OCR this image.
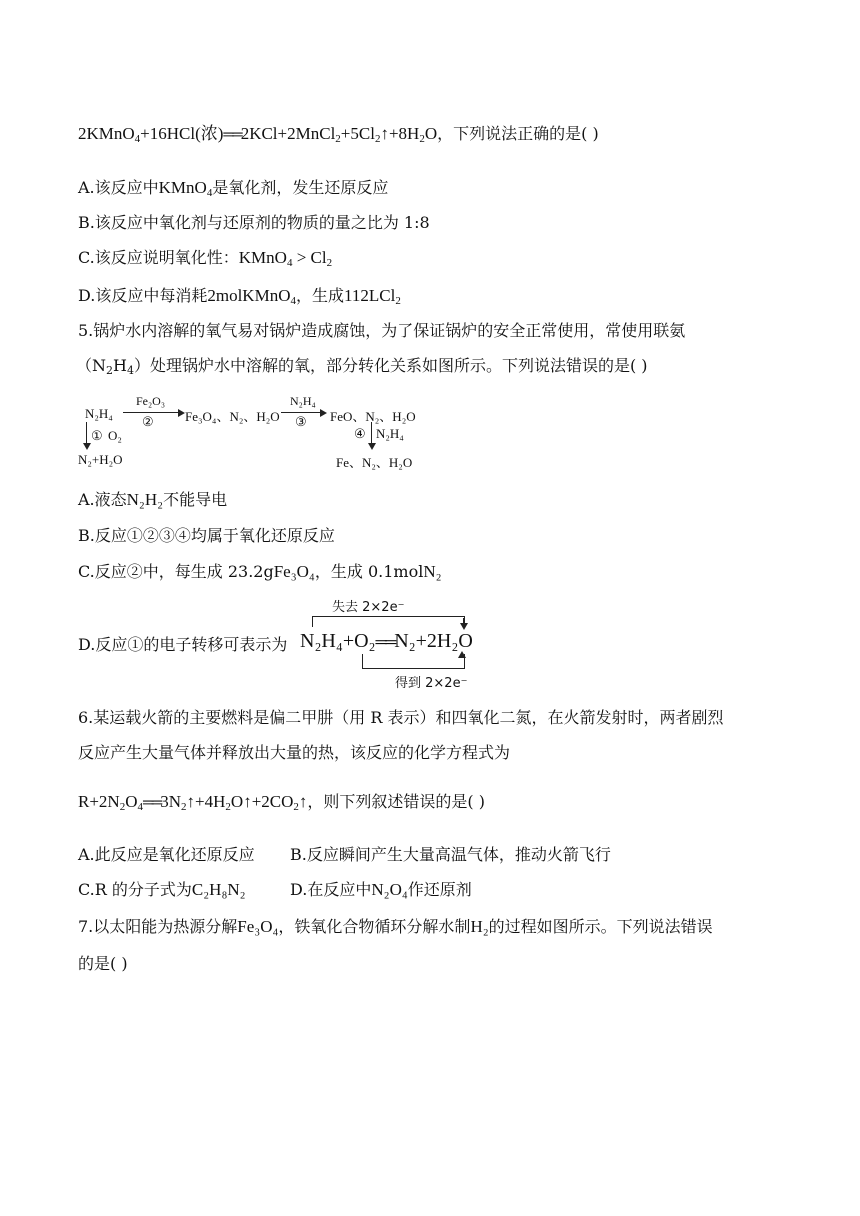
2KMnO$_4$+16HCl(浓)$══2KCl+2MnCl_2+5Cl_2↑+8H_2O$，下列说法正确的是( )
A.该反应中KMnO$_4$是氧化剂，发生还原反应
B.该反应中氧化剂与还原剂的物质的量之比为 1:8
C.该反应说明氧化性：KMnO$_4$ > $Cl_2$
D.该反应中每消耗2molKMnO$_4$，生成112LCl$_2$
5.锅炉水内溶解的氧气易对锅炉造成腐蚀，为了保证锅炉的安全正常使用，常使用联氨
$(N_2H_4)$处理锅炉水中溶解的氧，部分转化关系如图所示。下列说法错误的是( )
N₂H₄
Fe₂O₃
② Fe₃O₄、N₂、H₂O
N₂H₄
③ FeO、N₂、H₂O
① O₂
N₂+H₂O
④ N₂H₄
Fe、N₂、H₂O
A.液态N₂H₂不能导电
B.反应①②③④均属于氧化还原反应
C.反应②中，每生成 23.2gFe₃O₄，生成 0.1molN₂
D.反应①的电子转移可表示为
失去 2×2e⁻
N₂H₄+O₂══N₂+2H₂O
得到 2×2e⁻
6.某运载火箭的主要燃料是偏二甲肼（用 R 表示）和四氧化二氮，在火箭发射时，两者剧烈
反应产生大量气体并释放出大量的热，该反应的化学方程式为
$R+2N_2O_4══3N_2↑+4H_2O↑+2CO_2↑$，则下列叙述错误的是( )
A.此反应是氧化还原反应 B.反应瞬间产生大量高温气体，推动火箭飞行
C.R 的分子式为C₂H₈N₂	D.在反应中N₂O₄作还原剂
7.以太阳能为热源分解Fe₃O₄，铁氧化合物循环分解水制H₂的过程如图所示。下列说法错误
的是( )
